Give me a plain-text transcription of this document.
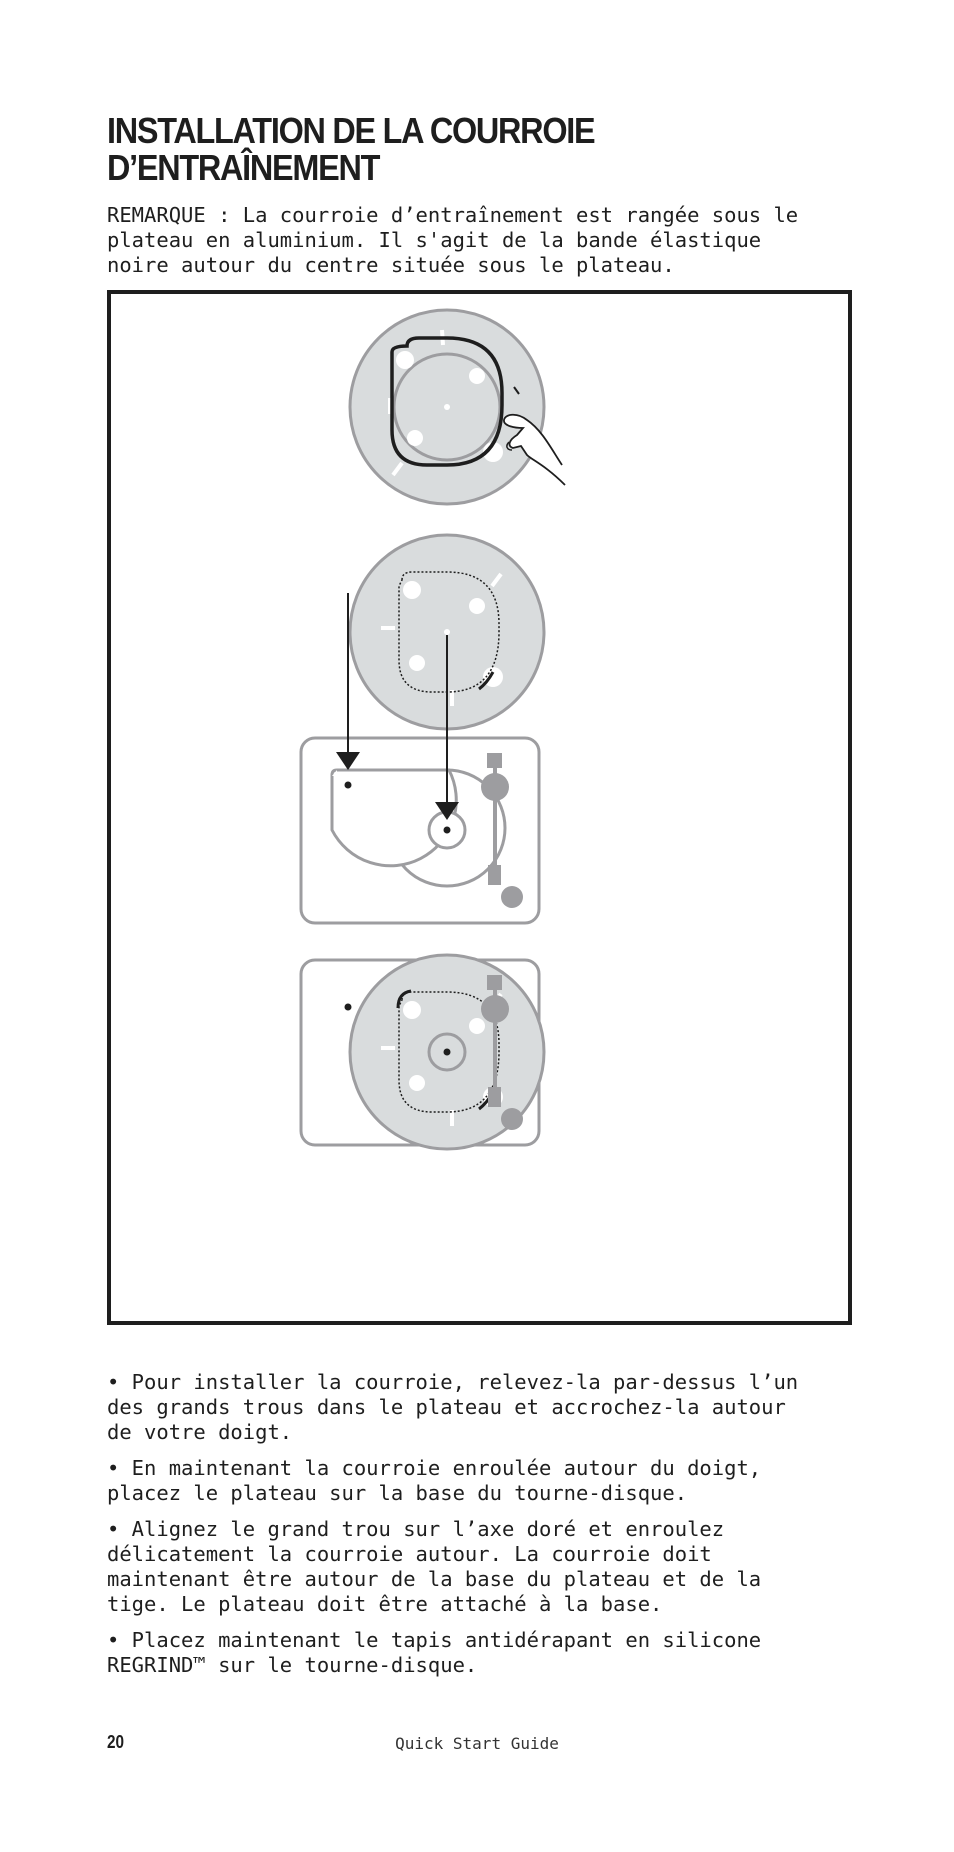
INSTALLATION DE LA COURROIE
D’ENTRAÎNEMENT

REMARQUE : La courroie d’entraînement est rangée sous le
plateau en aluminium. Il s'agit de la bande élastique
noire autour du centre située sous le plateau.

• Pour installer la courroie, relevez-la par-dessus l’un
des grands trous dans le plateau et accrochez-la autour
de votre doigt.

• En maintenant la courroie enroulée autour du doigt,
placez le plateau sur la base du tourne-disque.

• Alignez le grand trou sur l’axe doré et enroulez
délicatement la courroie autour. La courroie doit
maintenant être autour de la base du plateau et de la
tige. Le plateau doit être attaché à la base.

• Placez maintenant le tapis antidérapant en silicone
REGRIND™ sur le tourne-disque.

20	Quick Start Guide
